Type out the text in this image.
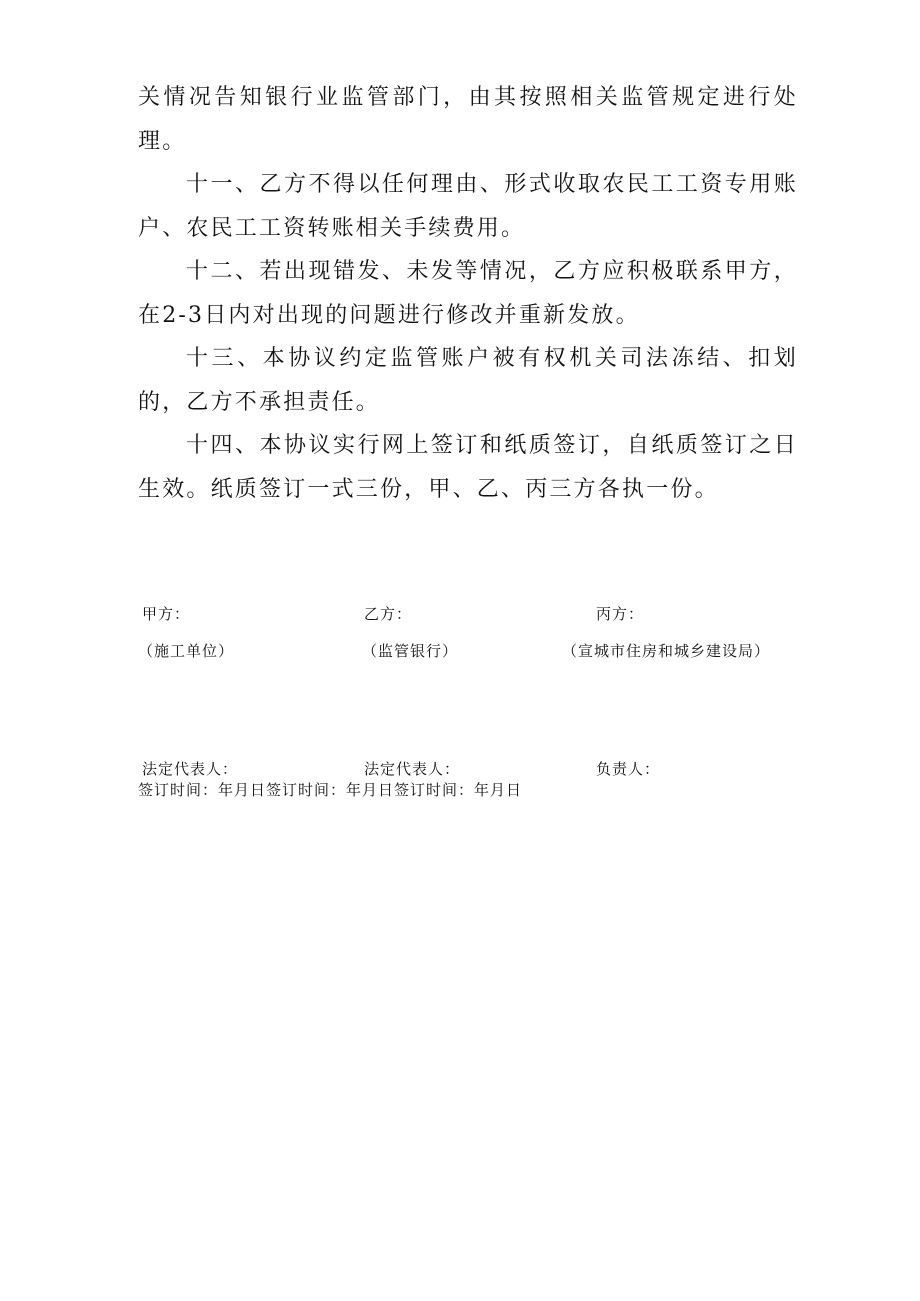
关情况告知银行业监管部门，由其按照相关监管规定进行处理。

十一、乙方不得以任何理由、形式收取农民工工资专用账户、农民工工资转账相关手续费用。

十二、若出现错发、未发等情况，乙方应积极联系甲方，在2-3日内对出现的问题进行修改并重新发放。

十三、本协议约定监管账户被有权机关司法冻结、扣划的，乙方不承担责任。

十四、本协议实行网上签订和纸质签订，自纸质签订之日生效。纸质签订一式三份，甲、乙、丙三方各执一份。

甲方：	乙方：	丙方：
（施工单位）	（监管银行）	（宣城市住房和城乡建设局）
法定代表人：	法定代表人：	负责人：
签订时间：年月日签订时间：年月日签订时间：年月日
